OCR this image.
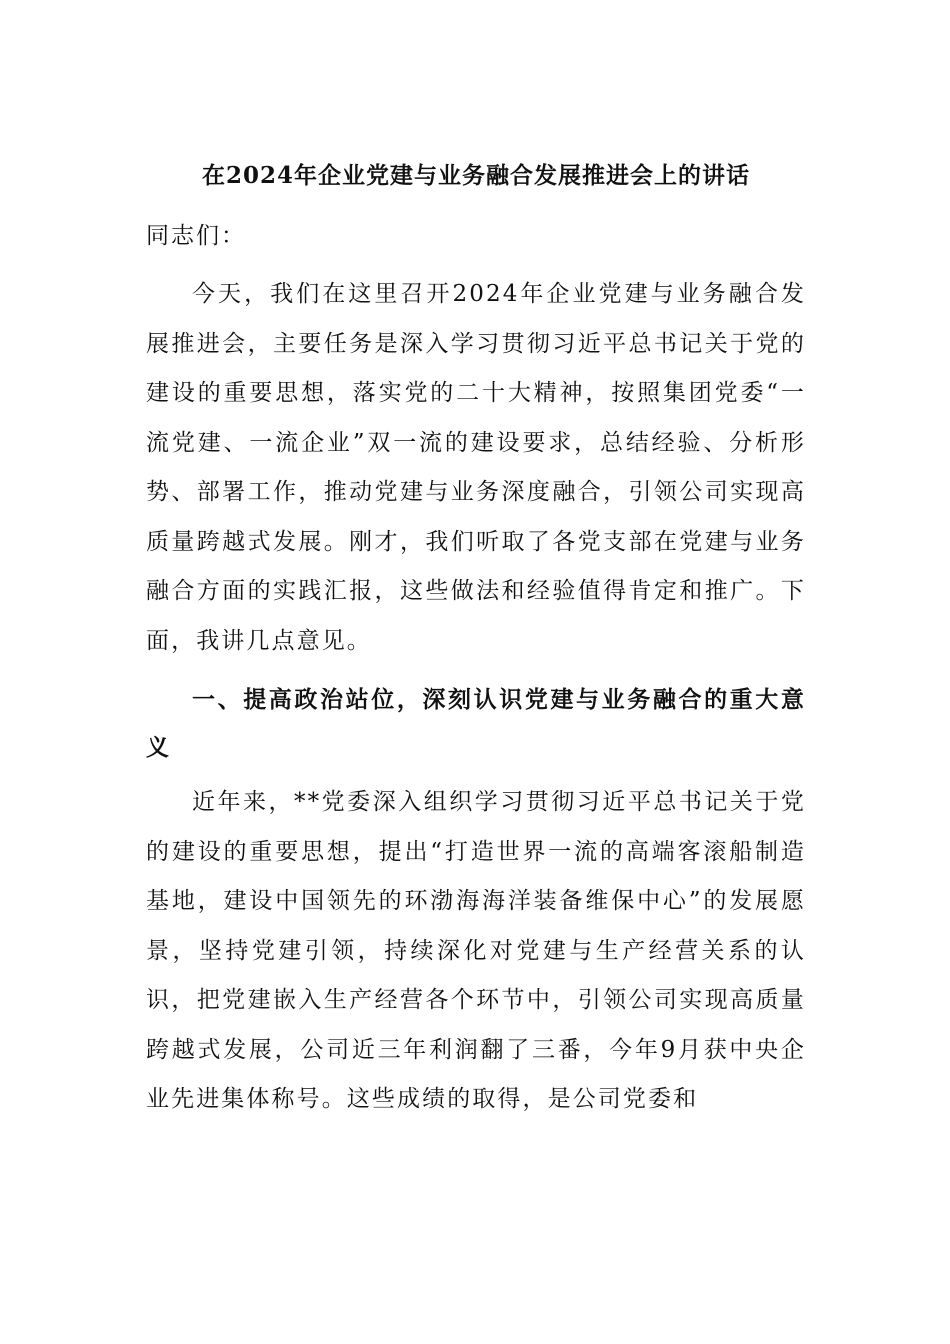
在2024年企业党建与业务融合发展推进会上的讲话

同志们：

今天，我们在这里召开2024年企业党建与业务融合发展推进会，主要任务是深入学习贯彻习近平总书记关于党的建设的重要思想，落实党的二十大精神，按照集团党委“一流党建、一流企业”双一流的建设要求，总结经验、分析形势、部署工作，推动党建与业务深度融合，引领公司实现高质量跨越式发展。刚才，我们听取了各党支部在党建与业务融合方面的实践汇报，这些做法和经验值得肯定和推广。下面，我讲几点意见。

一、提高政治站位，深刻认识党建与业务融合的重大意义

近年来，**党委深入组织学习贯彻习近平总书记关于党的建设的重要思想，提出“打造世界一流的高端客滚船制造基地，建设中国领先的环渤海海洋装备维保中心”的发展愿景，坚持党建引领，持续深化对党建与生产经营关系的认识，把党建嵌入生产经营各个环节中，引领公司实现高质量跨越式发展，公司近三年利润翻了三番，今年9月获中央企业先进集体称号。这些成绩的取得，是公司党委和
